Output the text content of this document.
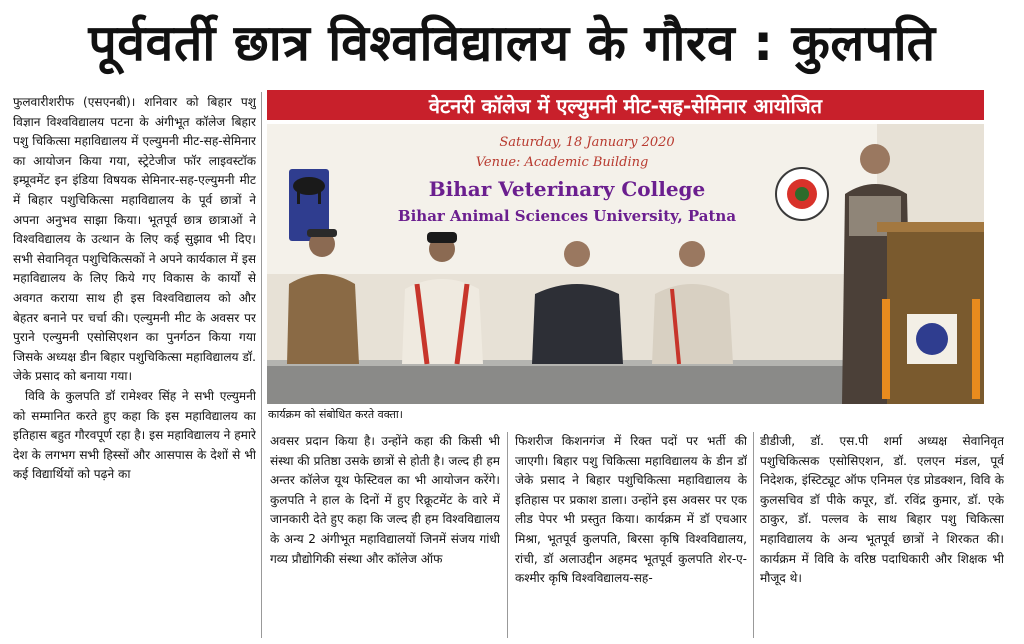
पूर्ववर्ती छात्र विश्वविद्यालय के गौरव : कुलपति

फुलवारीशरीफ (एसएनबी)। शनिवार को बिहार पशु विज्ञान विश्वविद्यालय पटना के अंगीभूत कॉलेज बिहार पशु चिकित्सा महाविद्यालय में एल्युमनी मीट-सह-सेमिनार का आयोजन किया गया, स्ट्रेटेजीज फॉर लाइवस्टॉक इम्प्रूवमेंट इन इंडिया विषयक सेमिनार-सह-एल्युमनी मीट में बिहार पशुचिकित्सा महाविद्यालय के पूर्व छात्रों ने अपना अनुभव साझा किया। भूतपूर्व छात्र छात्राओं ने विश्वविद्यालय के उत्थान के लिए कई सुझाव भी दिए। सभी सेवानिवृत पशुचिकित्सकों ने अपने कार्यकाल में इस महाविद्यालय के लिए किये गए विकास के कार्यों से अवगत कराया साथ ही इस विश्वविद्यालय को और बेहतर बनाने पर चर्चा की। एल्युमनी मीट के अवसर पर पुराने एल्युमनी एसोसिएशन का पुनर्गठन किया गया जिसके अध्यक्ष डीन बिहार पशुचिकित्सा महाविद्यालय डॉ. जेके प्रसाद को बनाया गया।

विवि के कुलपति डॉ रामेश्वर सिंह ने सभी एल्युमनी को सम्मानित करते हुए कहा कि इस महाविद्यालय का इतिहास बहुत गौरवपूर्ण रहा है। इस महाविद्यालय ने हमारे देश के लगभग सभी हिस्सों और आसपास के देशों से भी कई विद्यार्थियों को पढ़ने का

वेटनरी कॉलेज में एल्युमनी मीट-सह-सेमिनार आयोजित
Saturday, 18 January 2020
Venue: Academic Building
Bihar Veterinary College
Bihar Animal Sciences University, Patna
कार्यक्रम को संबोधित करते वक्ता।

अवसर प्रदान किया है। उन्होंने कहा की किसी भी संस्था की प्रतिष्ठा उसके छात्रों से होती है। जल्द ही हम अन्तर कॉलेज यूथ फेस्टिवल का भी आयोजन करेंगे। कुलपति ने हाल के दिनों में हुए रिक्रूटमेंट के वारे में जानकारी देते हुए कहा कि जल्द ही हम विश्वविद्यालय के अन्य 2 अंगीभूत महाविद्यालयों जिनमें संजय गांधी गव्य प्रौद्योगिकी संस्था और कॉलेज ऑफ

फिशरीज किशनगंज में रिक्त पदों पर भर्ती की जाएगी। बिहार पशु चिकित्सा महाविद्यालय के डीन डॉ जेके प्रसाद ने बिहार पशुचिकित्सा महाविद्यालय के इतिहास पर प्रकाश डाला। उन्होंने इस अवसर पर एक लीड पेपर भी प्रस्तुत किया। कार्यक्रम में डॉ एचआर मिश्रा, भूतपूर्व कुलपति, बिरसा कृषि विश्वविद्यालय, रांची, डॉ अलाउद्दीन अहमद भूतपूर्व कुलपति शेर-ए-कश्मीर कृषि विश्वविद्यालय-सह-

डीडीजी, डॉ. एस.पी शर्मा अध्यक्ष सेवानिवृत पशुचिकित्सक एसोसिएशन, डॉ. एलएन मंडल, पूर्व निदेशक, इंस्टिट्यूट ऑफ एनिमल एंड प्रोडक्शन, विवि के कुलसचिव डॉ पीके कपूर, डॉ. रविंद्र कुमार, डॉ. एके ठाकुर, डॉ. पल्लव के साथ बिहार पशु चिकित्सा महाविद्यालय के अन्य भूतपूर्व छात्रों ने शिरकत की। कार्यक्रम में विवि के वरिष्ठ पदाधिकारी और शिक्षक भी मौजूद थे।
